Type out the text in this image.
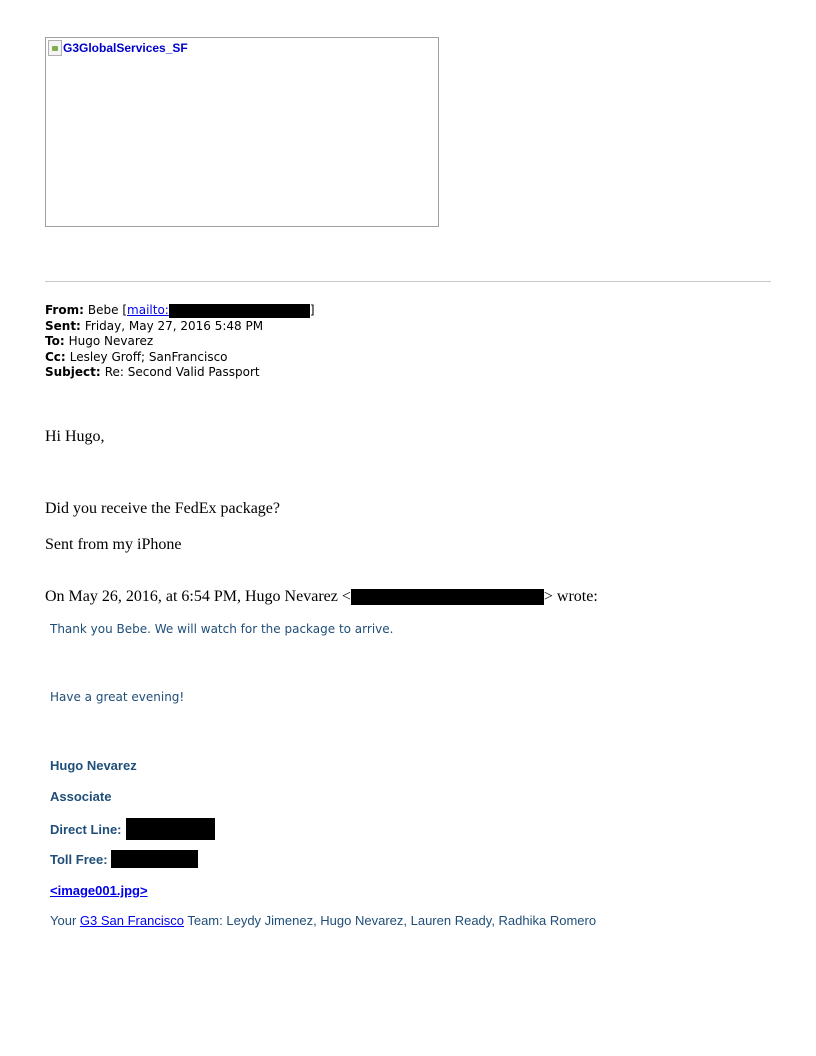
G3GlobalServices_SF
From: Bebe [ mailto:	]
Sent: Friday, May 27, 2016 5:48 PM
To: Hugo Nevarez
Cc: Lesley Groff; SanFrancisco
Subject: Re: Second Valid Passport
Hi Hugo,
Did you receive the FedEx package?
Sent from my iPhone
On May 26, 2016, at 6:54 PM, Hugo Nevarez <	> wrote:
Thank you Bebe. We will watch for the package to arrive.
Have a great evening!
Hugo Nevarez
Associate
Direct Line:
Toll Free:
<image001.jpg>
Your G3 San Francisco Team: Leydy Jimenez, Hugo Nevarez, Lauren Ready, Radhika Romero
